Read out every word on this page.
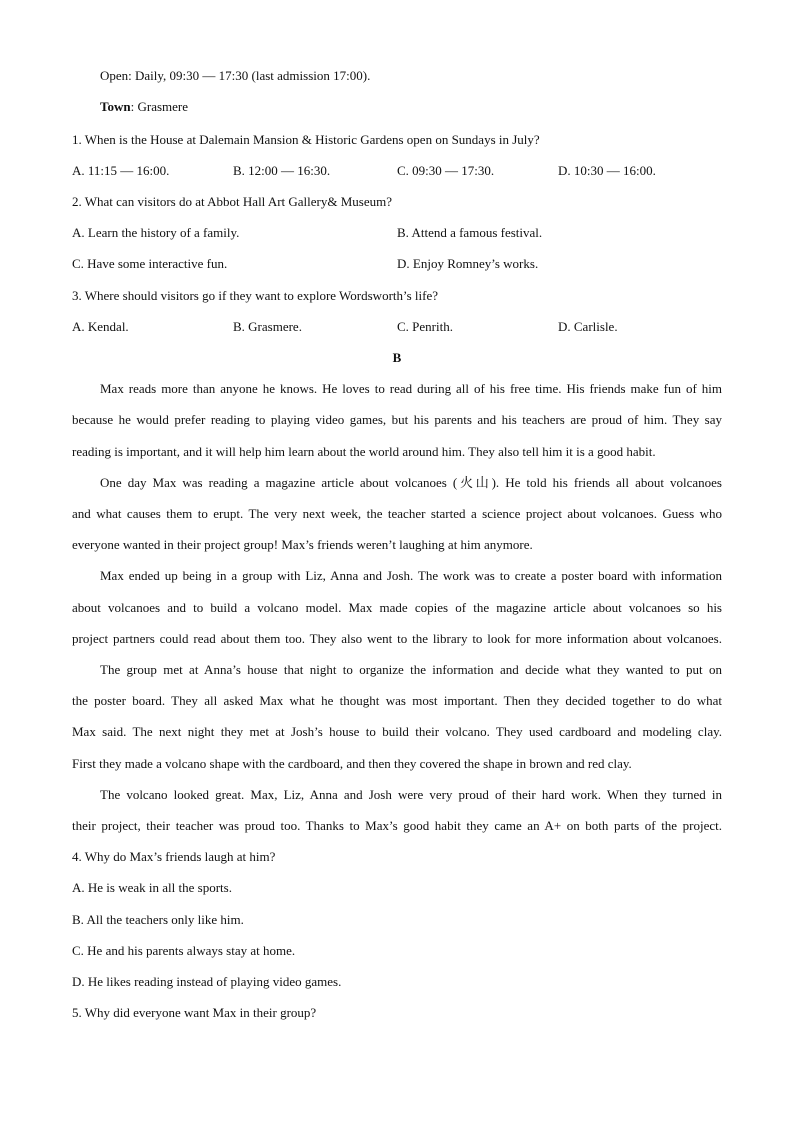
Open: Daily, 09:30 — 17:30 (last admission 17:00).
Town: Grasmere
1. When is the House at Dalemain Mansion & Historic Gardens open on Sundays in July?
A. 11:15 — 16:00.	B. 12:00 — 16:30.	C. 09:30 — 17:30.	D. 10:30 — 16:00.
2. What can visitors do at Abbot Hall Art Gallery& Museum?
A. Learn the history of a family.	B. Attend a famous festival.
C. Have some interactive fun.	D. Enjoy Romney’s works.
3. Where should visitors go if they want to explore Wordsworth’s life?
A. Kendal.	B. Grasmere.	C. Penrith.	D. Carlisle.
B
Max reads more than anyone he knows. He loves to read during all of his free time. His friends make fun of him
because he would prefer reading to playing video games, but his parents and his teachers are proud of him. They say
reading is important, and it will help him learn about the world around him. They also tell him it is a good habit.
One day Max was reading a magazine article about volcanoes (火山). He told his friends all about volcanoes
and what causes them to erupt. The very next week, the teacher started a science project about volcanoes. Guess who
everyone wanted in their project group! Max’s friends weren’t laughing at him anymore.
Max ended up being in a group with Liz, Anna and Josh. The work was to create a poster board with information
about volcanoes and to build a volcano model. Max made copies of the magazine article about volcanoes so his
project partners could read about them too. They also went to the library to look for more information about volcanoes.
The group met at Anna’s house that night to organize the information and decide what they wanted to put on
the poster board. They all asked Max what he thought was most important. Then they decided together to do what
Max said. The next night they met at Josh’s house to build their volcano. They used cardboard and modeling clay.
First they made a volcano shape with the cardboard, and then they covered the shape in brown and red clay.
The volcano looked great. Max, Liz, Anna and Josh were very proud of their hard work. When they turned in
their project, their teacher was proud too. Thanks to Max’s good habit they came an A+ on both parts of the project.
4. Why do Max’s friends laugh at him?
A. He is weak in all the sports.
B. All the teachers only like him.
C. He and his parents always stay at home.
D. He likes reading instead of playing video games.
5. Why did everyone want Max in their group?
